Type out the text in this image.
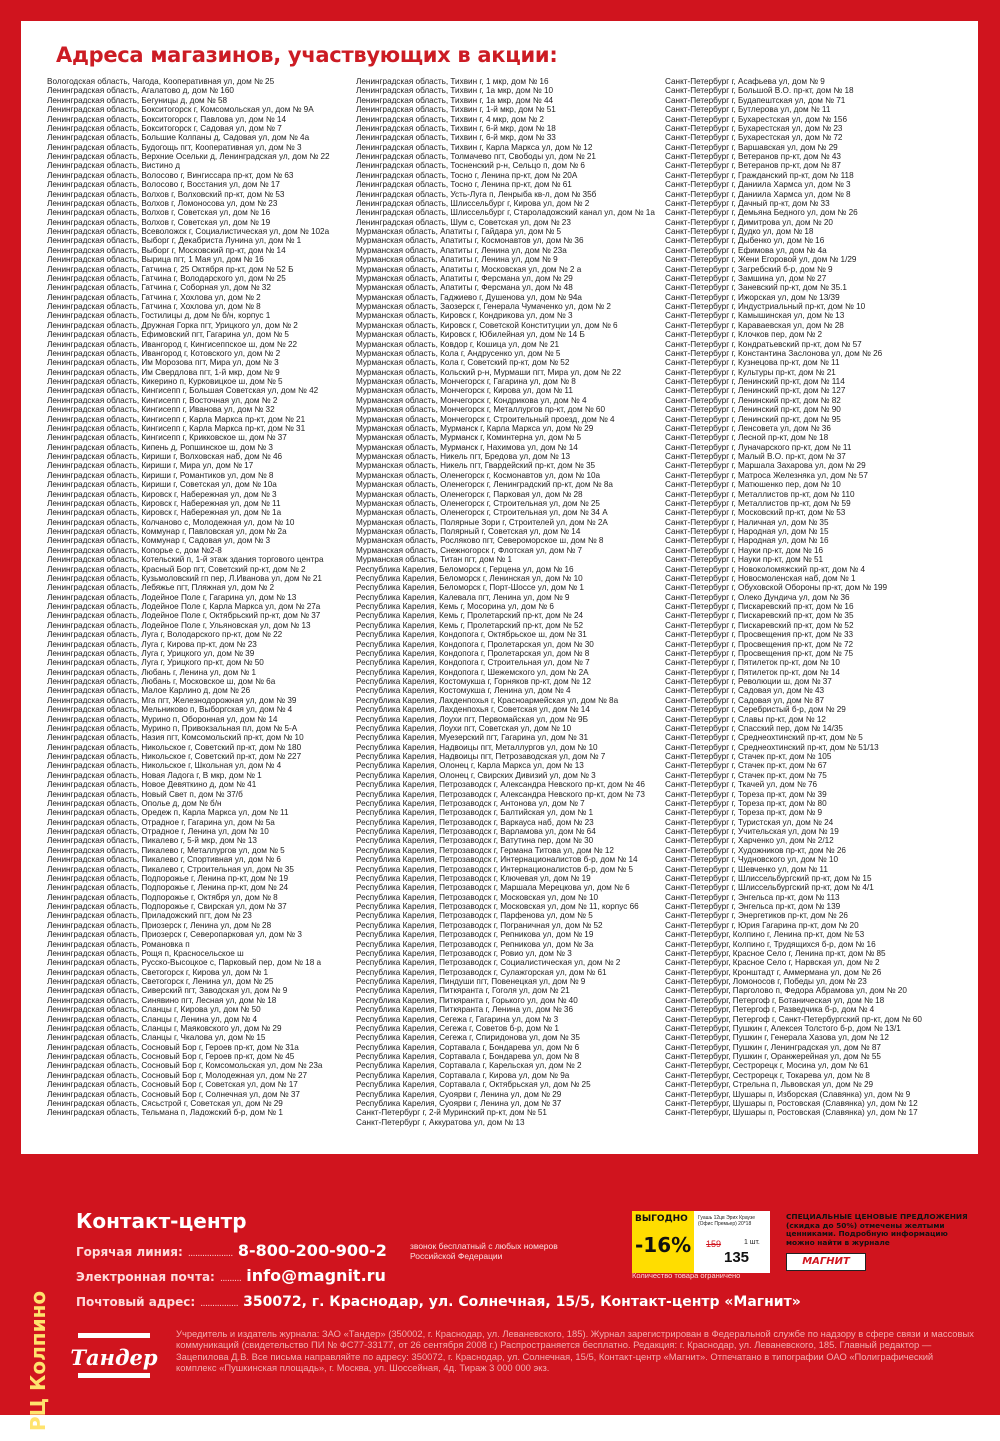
Адреса магазинов, участвующих в акции:
Вологодская область, Чагода, Кооперативная ул, дом № 25
Ленинградская область, Агалатово д, дом № 160
Ленинградская область, Бегуницы д, дом № 58
Ленинградская область, Бокситогорск г, Комсомольская ул, дом № 9А
Ленинградская область, Бокситогорск г, Павлова ул, дом № 14
Ленинградская область, Бокситогорск г, Садовая ул, дом № 7
Ленинградская область, Большие Колпаны д, Садовая ул, дом № 4а
Ленинградская область, Будогощь пгт, Кооперативная ул, дом № 3
Ленинградская область, Верхние Осельки д, Ленинградская ул, дом № 22
Ленинградская область, Вистино д
Ленинградская область, Волосово г, Вингиссара пр-кт, дом № 63
Ленинградская область, Волосово г, Восстания ул, дом № 17
Ленинградская область, Волхов г, Волховский пр-кт, дом № 53
Ленинградская область, Волхов г, Ломоносова ул, дом № 23
Ленинградская область, Волхов г, Советская ул, дом № 16
Ленинградская область, Волхов г, Советская ул, дом № 19
Ленинградская область, Всеволожск г, Социалистическая ул, дом № 102а
Ленинградская область, Выборг г, Декабриста Лунина ул, дом № 1
Ленинградская область, Выборг г, Московский пр-кт, дом № 14
Ленинградская область, Вырица пгт, 1 Мая ул, дом № 16
Ленинградская область, Гатчина г, 25 Октября пр-кт, дом № 52 Б
Ленинградская область, Гатчина г, Володарского ул, дом № 25
Ленинградская область, Гатчина г, Соборная ул, дом № 32
Ленинградская область, Гатчина г, Хохлова ул, дом № 2
Ленинградская область, Гатчина г, Хохлова ул, дом № 8
Ленинградская область, Гостилицы д, дом № б/н, корпус 1
Ленинградская область, Дружная Горка пгт, Урицкого ул, дом № 2
Ленинградская область, Ефимовский пгт, Гагарина ул, дом № 5
Ленинградская область, Ивангород г, Кингисеппское ш, дом № 22
Ленинградская область, Ивангород г, Котовского ул, дом № 2
Ленинградская область, Им Морозова пгт, Мира ул, дом № 3
Ленинградская область, Им Свердлова пгт, 1-й мкр, дом № 9
Ленинградская область, Кикерино п, Курковицкое ш, дом № 5
Ленинградская область, Кингисепп г, Большая Советская ул, дом № 42
Ленинградская область, Кингисепп г, Восточная ул, дом № 2
Ленинградская область, Кингисепп г, Иванова ул, дом № 32
Ленинградская область, Кингисепп г, Карла Маркса пр-кт, дом № 21
Ленинградская область, Кингисепп г, Карла Маркса пр-кт, дом № 31
Ленинградская область, Кингисепп г, Крикковское ш, дом № 37
Ленинградская область, Кипень д, Ропшинское ш, дом № 3
Ленинградская область, Кириши г, Волховская наб, дом № 46
Ленинградская область, Кириши г, Мира ул, дом № 17
Ленинградская область, Кириши г, Романтиков ул, дом № 8
Ленинградская область, Кириши г, Советская ул, дом № 10а
Ленинградская область, Кировск г, Набережная ул, дом № 3
Ленинградская область, Кировск г, Набережная ул, дом № 11
Ленинградская область, Кировск г, Набережная ул, дом № 1а
Ленинградская область, Колчаново с, Молодежная ул, дом № 10
Ленинградская область, Коммунар г, Павловская ул, дом № 2а
Ленинградская область, Коммунар г, Садовая ул, дом № 3
Ленинградская область, Копорье с, дом №2-8
Ленинградская область, Котельский п, 1-й этаж здания торгового центра
Ленинградская область, Красный Бор пгт, Советский пр-кт, дом № 2
Ленинградская область, Кузьмоловский гп пер, Л.Иванова ул, дом № 21
Ленинградская область, Лебяжье пгт, Пляжная ул, дом № 2
Ленинградская область, Лодейное Поле г, Гагарина ул, дом № 13
Ленинградская область, Лодейное Поле г, Карла Маркса ул, дом № 27а
Ленинградская область, Лодейное Поле г, Октябрьский пр-кт, дом № 37
Ленинградская область, Лодейное Поле г, Ульяновская ул, дом № 13
Ленинградская область, Луга г, Володарского пр-кт, дом № 22
Ленинградская область, Луга г, Кирова пр-кт, дом № 23
Ленинградская область, Луга г, Урицкого ул, дом № 39
Ленинградская область, Луга г, Урицкого пр-кт, дом № 50
Ленинградская область, Любань г, Ленина ул, дом № 1
Ленинградская область, Любань г, Московское ш, дом № 6а
Ленинградская область, Малое Карлино д, дом № 26
Ленинградская область, Мга пгт, Железнодорожная ул, дом № 39
Ленинградская область, Мельниково п, Выборгская ул, дом № 4
Ленинградская область, Мурино п, Оборонная ул, дом № 14
Ленинградская область, Мурино п, Привокзальная пл, дом № 5-А
Ленинградская область, Назия пгт, Комсомольский пр-кт, дом № 10
Ленинградская область, Никольское г, Советский пр-кт, дом № 180
Ленинградская область, Никольское г, Советский пр-кт, дом № 227
Ленинградская область, Никольское г, Школьная ул, дом № 4
Ленинградская область, Новая Ладога г, В мкр, дом № 1
Ленинградская область, Новое Девяткино д, дом № 41
Ленинградская область, Новый Свет п, дом № 37/б
Ленинградская область, Ополье д, дом № б/н
Ленинградская область, Оредеж п, Карла Маркса ул, дом № 11
Ленинградская область, Отрадное г, Гагарина ул, дом № 5а
Ленинградская область, Отрадное г, Ленина ул, дом № 10
Ленинградская область, Пикалево г, 5-й мкр, дом № 13
Ленинградская область, Пикалево г, Металлургов ул, дом № 5
Ленинградская область, Пикалево г, Спортивная ул, дом № 6
Ленинградская область, Пикалево г, Строительная ул, дом № 35
Ленинградская область, Подпорожье г, Ленина пр-кт, дом № 19
Ленинградская область, Подпорожье г, Ленина пр-кт, дом № 24
Ленинградская область, Подпорожье г, Октября ул, дом № 8
Ленинградская область, Подпорожье г, Свирская ул, дом № 37
Ленинградская область, Приладожский пгт, дом № 23
Ленинградская область, Приозерск г, Ленина ул, дом № 28
Ленинградская область, Приозерск г, Северопарковая ул, дом № 3
Ленинградская область, Романовка п
Ленинградская область, Рощя п, Красносельское ш
Ленинградская область, Русско-Высоцкое с, Парковый пер, дом № 18 а
Ленинградская область, Светогорск г, Кирова ул, дом № 1
Ленинградская область, Светогорск г, Ленина ул, дом № 25
Ленинградская область, Сиверский пгт, Заводская ул, дом № 9
Ленинградская область, Синявино пгт, Лесная ул, дом № 18
Ленинградская область, Сланцы г, Кирова ул, дом № 50
Ленинградская область, Сланцы г, Ленина ул, дом № 4
Ленинградская область, Сланцы г, Маяковского ул, дом № 29
Ленинградская область, Сланцы г, Чкалова ул, дом № 15
Ленинградская область, Сосновый Бор г, Героев пр-кт, дом № 31а
Ленинградская область, Сосновый Бор г, Героев пр-кт, дом № 45
Ленинградская область, Сосновый Бор г, Комсомольская ул, дом № 23а
Ленинградская область, Сосновый Бор г, Молодежная ул, дом № 27
Ленинградская область, Сосновый Бор г, Советская ул, дом № 17
Ленинградская область, Сосновый Бор г, Солнечная ул, дом № 37
Ленинградская область, Сясьстрой г, Советская ул, дом № 29
Ленинградская область, Тельмана п, Ладожский б-р, дом № 1
Ленинградская область, Тихвин г, 1 мкр, дом № 16
Ленинградская область, Тихвин г, 1а мкр, дом № 10
Ленинградская область, Тихвин г, 1а мкр, дом № 44
Ленинградская область, Тихвин г, 1-й мкр, дом № 51
Ленинградская область, Тихвин г, 4 мкр, дом № 2
Ленинградская область, Тихвин г, 6-й мкр, дом № 18
Ленинградская область, Тихвин г, 6-й мкр, дом № 33
Ленинградская область, Тихвин г, Карла Маркса ул, дом № 12
Ленинградская область, Толмачево пгт, Свободы ул, дом № 21
Ленинградская область, Тосненский р-н, Сельцо п, дом № 6
Ленинградская область, Тосно г, Ленина пр-кт, дом № 20А
Ленинградская область, Тосно г, Ленина пр-кт, дом № 61
Ленинградская область, Усть-Луга п, Ленрыба кв-л, дом № 35б
Ленинградская область, Шлиссельбург г, Кирова ул, дом № 2
Ленинградская область, Шлиссельбург г, Староладожский канал ул, дом № 1а
Ленинградская область, Шум с, Советская ул, дом № 23
Мурманская область, Апатиты г, Гайдара ул, дом № 5
Мурманская область, Апатиты г, Космонавтов ул, дом № 36
Мурманская область, Апатиты г, Ленина ул, дом № 23а
Мурманская область, Апатиты г, Ленина ул, дом № 9
Мурманская область, Апатиты г, Московская ул, дом № 2 а
Мурманская область, Апатиты г, Ферсмана ул, дом № 29
Мурманская область, Апатиты г, Ферсмана ул, дом № 48
Мурманская область, Гаджиево г, Душенова ул, дом № 94а
Мурманская область, Заозерск г, Генерала Чумаченко ул, дом № 2
Мурманская область, Кировск г, Кондрикова ул, дом № 3
Мурманская область, Кировск г, Советской Конституции ул, дом № 6
Мурманская область, Кировск г, Юбилейная ул, дом № 14 Б
Мурманская область, Ковдор г, Кошица ул, дом № 21
Мурманская область, Кола г, Андрусенко ул, дом № 5
Мурманская область, Кола г, Советский пр-кт, дом № 52
Мурманская область, Кольский р-н, Мурмаши пгт, Мира ул, дом № 22
Мурманская область, Мончегорск г, Гагарина ул, дом № 8
Мурманская область, Мончегорск г, Кирова ул, дом № 11
Мурманская область, Мончегорск г, Кондрикова ул, дом № 4
Мурманская область, Мончегорск г, Металлургов пр-кт, дом № 60
Мурманская область, Мончегорск г, Строительный проезд, дом № 4
Мурманская область, Мурманск г, Карла Маркса ул, дом № 29
Мурманская область, Мурманск г, Коминтерна ул, дом № 5
Мурманская область, Мурманск г, Нахимова ул, дом № 14
Мурманская область, Никель пгт, Бредова ул, дом № 13
Мурманская область, Никель пгт, Гвардейский пр-кт, дом № 35
Мурманская область, Оленегорск г, Космонавтов ул, дом № 10а
Мурманская область, Оленегорск г, Ленинградский пр-кт, дом № 8а
Мурманская область, Оленегорск г, Парковая ул, дом № 28
Мурманская область, Оленегорск г, Строительная ул, дом № 25
Мурманская область, Оленегорск г, Строительная ул, дом № 34 А
Мурманская область, Полярные Зори г, Строителей ул, дом № 2А
Мурманская область, Полярный г, Советская ул, дом № 14
Мурманская область, Росляково пгт, Североморское ш, дом № 8
Мурманская область, Снежногорск г, Флотская ул, дом № 7
Мурманская область, Титан пгт, дом № 1
Республика Карелия, Беломорск г, Герцена ул, дом № 16
Республика Карелия, Беломорск г, Ленинская ул, дом № 10
Республика Карелия, Беломорск г, Порт-Шоссе ул, дом № 1
Республика Карелия, Калевала пгт, Ленина ул, дом № 9
Республика Карелия, Кемь г, Мосорина ул, дом № 6
Республика Карелия, Кемь г, Пролетарский пр-кт, дом № 24
Республика Карелия, Кемь г, Пролетарский пр-кт, дом № 52
Республика Карелия, Кондопога г, Октябрьское ш, дом № 31
Республика Карелия, Кондопога г, Пролетарская ул, дом № 30
Республика Карелия, Кондопога г, Пролетарская ул, дом № 8
Республика Карелия, Кондопога г, Строительная ул, дом № 7
Республика Карелия, Кондопога г, Шежемского ул, дом № 2А
Республика Карелия, Костомукша г, Горняков пр-кт, дом № 12
Республика Карелия, Костомукша г, Ленина ул, дом № 4
Республика Карелия, Лахденпохья г, Красноармейская ул, дом № 8а
Республика Карелия, Лахденпохья г, Советская ул, дом № 14
Республика Карелия, Лоухи пгт, Первомайская ул, дом № 9Б
Республика Карелия, Лоухи пгт, Советская ул, дом № 10
Республика Карелия, Муезерский пгт, Гагарина ул, дом № 31
Республика Карелия, Надвоицы пгт, Металлургов ул, дом № 10
Республика Карелия, Надвоицы пгт, Петрозаводская ул, дом № 7
Республика Карелия, Олонец г, Карла Маркса ул, дом № 13
Республика Карелия, Олонец г, Свирских Дивизий ул, дом № 3
Республика Карелия, Петрозаводск г, Александра Невского пр-кт, дом № 46
Республика Карелия, Петрозаводск г, Александра Невского пр-кт, дом № 73
Республика Карелия, Петрозаводск г, Антонова ул, дом № 7
Республика Карелия, Петрозаводск г, Балтийская ул, дом № 1
Республика Карелия, Петрозаводск г, Варкауса наб, дом № 23
Республика Карелия, Петрозаводск г, Варламова ул, дом № 64
Республика Карелия, Петрозаводск г, Ватутина пер, дом № 30
Республика Карелия, Петрозаводск г, Германа Титова ул, дом № 12
Республика Карелия, Петрозаводск г, Интернационалистов б-р, дом № 14
Республика Карелия, Петрозаводск г, Интернационалистов б-р, дом № 5
Республика Карелия, Петрозаводск г, Ключевая ул, дом № 19
Республика Карелия, Петрозаводск г, Маршала Мерецкова ул, дом № 6
Республика Карелия, Петрозаводск г, Московская ул, дом № 10
Республика Карелия, Петрозаводск г, Московская ул, дом № 11, корпус 66
Республика Карелия, Петрозаводск г, Парфенова ул, дом № 5
Республика Карелия, Петрозаводск г, Пограничная ул, дом № 52
Республика Карелия, Петрозаводск г, Репникова ул, дом № 19
Республика Карелия, Петрозаводск г, Репникова ул, дом № 3а
Республика Карелия, Петрозаводск г, Ровио ул, дом № 3
Республика Карелия, Петрозаводск г, Социалистическая ул, дом № 2
Республика Карелия, Петрозаводск г, Сулажгорская ул, дом № 61
Республика Карелия, Пиндуши пгт, Повенецкая ул, дом № 9
Республика Карелия, Питкяранта г, Гоголя ул, дом № 21
Республика Карелия, Питкяранта г, Горького ул, дом № 40
Республика Карелия, Питкяранта г, Ленина ул, дом № 36
Республика Карелия, Сегежа г, Гагарина ул, дом № 3
Республика Карелия, Сегежа г, Советов б-р, дом № 1
Республика Карелия, Сегежа г, Спиридонова ул, дом № 35
Республика Карелия, Сортавала г, Бондарева ул, дом № 6
Республика Карелия, Сортавала г, Бондарева ул, дом № 8
Республика Карелия, Сортавала г, Карельская ул, дом № 2
Республика Карелия, Сортавала г, Кирова ул, дом № 9а
Республика Карелия, Сортавала г, Октябрьская ул, дом № 25
Республика Карелия, Суоярви г, Ленина ул, дом № 29
Республика Карелия, Суоярви г, Ленина ул, дом № 37
Санкт-Петербург г, 2-й Муринский пр-кт, дом № 51
Санкт-Петербург г, Аккуратова ул, дом № 13
Санкт-Петербург г, Асафьева ул, дом № 9
Санкт-Петербург г, Большой В.О. пр-кт, дом № 18
Санкт-Петербург г, Будапештская ул, дом № 71
Санкт-Петербург г, Бутлерова ул, дом № 11
Санкт-Петербург г, Бухарестская ул, дом № 156
Санкт-Петербург г, Бухарестская ул, дом № 23
Санкт-Петербург г, Бухарестская ул, дом № 72
Санкт-Петербург г, Варшавская ул, дом № 29
Санкт-Петербург г, Ветеранов пр-кт, дом № 43
Санкт-Петербург г, Ветеранов пр-кт, дом № 87
Санкт-Петербург г, Гражданский пр-кт, дом № 118
Санкт-Петербург г, Даниила Хармса ул, дом № 3
Санкт-Петербург г, Даниила Хармса ул, дом № 8
Санкт-Петербург г, Дачный пр-кт, дом № 33
Санкт-Петербург г, Демьяна Бедного ул, дом № 26
Санкт-Петербург г, Димитрова ул, дом № 20
Санкт-Петербург г, Дудко ул, дом № 18
Санкт-Петербург г, Дыбенко ул, дом № 16
Санкт-Петербург г, Ефимова ул, дом № 4а
Санкт-Петербург г, Жени Егоровой ул, дом № 1/29
Санкт-Петербург г, Загребский б-р, дом № 9
Санкт-Петербург г, Замшина ул, дом № 27
Санкт-Петербург г, Заневский пр-кт, дом № 35.1
Санкт-Петербург г, Ижорская ул, дом № 13/39
Санкт-Петербург г, Индустриальный пр-кт, дом № 10
Санкт-Петербург г, Камышинская ул, дом № 13
Санкт-Петербург г, Караваевская ул, дом № 28
Санкт-Петербург г, Клочков пер, дом № 2
Санкт-Петербург г, Кондратьевский пр-кт, дом № 57
Санкт-Петербург г, Константина Заслонова ул, дом № 26
Санкт-Петербург г, Кузнецова пр-кт, дом № 11
Санкт-Петербург г, Культуры пр-кт, дом № 21
Санкт-Петербург г, Ленинский пр-кт, дом № 114
Санкт-Петербург г, Ленинский пр-кт, дом № 127
Санкт-Петербург г, Ленинский пр-кт, дом № 82
Санкт-Петербург г, Ленинский пр-кт, дом № 90
Санкт-Петербург г, Ленинский пр-кт, дом № 95
Санкт-Петербург г, Ленсовета ул, дом № 36
Санкт-Петербург г, Лесной пр-кт, дом № 18
Санкт-Петербург г, Луначарского пр-кт, дом № 11
Санкт-Петербург г, Малый В.О. пр-кт, дом № 37
Санкт-Петербург г, Маршала Захарова ул, дом № 29
Санкт-Петербург г, Матроса Железняка ул, дом № 57
Санкт-Петербург г, Матюшенко пер, дом № 10
Санкт-Петербург г, Металлистов пр-кт, дом № 110
Санкт-Петербург г, Металлистов пр-кт, дом № 59
Санкт-Петербург г, Московский пр-кт, дом № 53
Санкт-Петербург г, Наличная ул, дом № 35
Санкт-Петербург г, Народная ул, дом № 15
Санкт-Петербург г, Народная ул, дом № 16
Санкт-Петербург г, Науки пр-кт, дом № 16
Санкт-Петербург г, Науки пр-кт, дом № 51
Санкт-Петербург г, Новоколомяжский пр-кт, дом № 4
Санкт-Петербург г, Новосмоленская наб, дом № 1
Санкт-Петербург г, Обуховской Обороны пр-кт, дом № 199
Санкт-Петербург г, Олеко Дундича ул, дом № 36
Санкт-Петербург г, Пискаревский пр-кт, дом № 16
Санкт-Петербург г, Пискаревский пр-кт, дом № 35
Санкт-Петербург г, Пискаревский пр-кт, дом № 52
Санкт-Петербург г, Просвещения пр-кт, дом № 33
Санкт-Петербург г, Просвещения пр-кт, дом № 72
Санкт-Петербург г, Просвещения пр-кт, дом № 75
Санкт-Петербург г, Пятилеток пр-кт, дом № 10
Санкт-Петербург г, Пятилеток пр-кт, дом № 14
Санкт-Петербург г, Революции ш, дом № 37
Санкт-Петербург г, Садовая ул, дом № 43
Санкт-Петербург г, Садовая ул, дом № 87
Санкт-Петербург г, Серебристый б-р, дом № 29
Санкт-Петербург г, Славы пр-кт, дом № 12
Санкт-Петербург г, Спасский пер, дом № 14/35
Санкт-Петербург г, Среднеохтинский пр-кт, дом № 5
Санкт-Петербург г, Среднеохтинский пр-кт, дом № 51/13
Санкт-Петербург г, Стачек пр-кт, дом № 105
Санкт-Петербург г, Стачек пр-кт, дом № 67
Санкт-Петербург г, Стачек пр-кт, дом № 75
Санкт-Петербург г, Ткачей ул, дом № 76
Санкт-Петербург г, Тореза пр-кт, дом № 39
Санкт-Петербург г, Тореза пр-кт, дом № 80
Санкт-Петербург г, Тореза пр-кт, дом № 9
Санкт-Петербург г, Туристская ул, дом № 24
Санкт-Петербург г, Учительская ул, дом № 19
Санкт-Петербург г, Харченко ул, дом № 2/12
Санкт-Петербург г, Художников пр-кт, дом № 26
Санкт-Петербург г, Чудновского ул, дом № 10
Санкт-Петербург г, Шевченко ул, дом № 11
Санкт-Петербург г, Шлиссельбургский пр-кт, дом № 15
Санкт-Петербург г, Шлиссельбургский пр-кт, дом № 4/1
Санкт-Петербург г, Энгельса пр-кт, дом № 113
Санкт-Петербург г, Энгельса пр-кт, дом № 139
Санкт-Петербург г, Энергетиков пр-кт, дом № 26
Санкт-Петербург г, Юрия Гагарина пр-кт, дом № 20
Санкт-Петербург, Колпино г, Ленина пр-кт, дом № 53
Санкт-Петербург, Колпино г, Трудящихся б-р, дом № 16
Санкт-Петербург, Красное Село г, Ленина пр-кт, дом № 85
Санкт-Петербург, Красное Село г, Нарвская ул, дом № 2
Санкт-Петербург, Кронштадт г, Аммермана ул, дом № 26
Санкт-Петербург, Ломоносов г, Победы ул, дом № 23
Санкт-Петербург, Парголово п, Федора Абрамова ул, дом № 20
Санкт-Петербург, Петергоф г, Ботаническая ул, дом № 18
Санкт-Петербург, Петергоф г, Разведчика б-р, дом № 4
Санкт-Петербург, Петергоф г, Санкт-Петербургский пр-кт, дом № 60
Санкт-Петербург, Пушкин г, Алексея Толстого б-р, дом № 13/1
Санкт-Петербург, Пушкин г, Генерала Хазова ул, дом № 12
Санкт-Петербург, Пушкин г, Ленинградская ул, дом № 87
Санкт-Петербург, Пушкин г, Оранжерейная ул, дом № 55
Санкт-Петербург, Сестрорецк г, Мосина ул, дом № 61
Санкт-Петербург, Сестрорецк г, Токарева ул, дом № 8
Санкт-Петербург, Стрельна п, Львовская ул, дом № 29
Санкт-Петербург, Шушары п, Изборская (Славянка) ул, дом № 9
Санкт-Петербург, Шушары п, Ростовская (Славянка) ул, дом № 12
Санкт-Петербург, Шушары п, Ростовская (Славянка) ул, дом № 17
РЦ Колпино
Контакт-центр
Горячая линия: ................... 8-800-200-900-2	звонок бесплатный с любых номеров Российской Федерации
Электронная почта: ......... info@magnit.ru
Почтовый адрес: ................ 350072, г. Краснодар, ул. Солнечная, 15/5, Контакт-центр «Магнит»
ВЫГОДНО
-16%
Гуашь 12цв Эрих Краузе (Офис Премьер) 20*18
159	1 шт.
135
Количество товара ограничено
СПЕЦИАЛЬНЫЕ ЦЕНОВЫЕ ПРЕДЛОЖЕНИЯ (скидка до 50%) отмечены желтыми ценниками. Подробную информацию можно найти в журнале
МАГНИТ
Тандер
Учредитель и издатель журнала: ЗАО «Тандер» (350002, г. Краснодар, ул. Леваневского, 185). Журнал зарегистрирован в Федеральной службе по надзору в сфере связи и массовых коммуникаций (свидетельство ПИ № ФС77-33177, от 26 сентября 2008 г.) Распространяется бесплатно. Редакция: г. Краснодар, ул. Леваневского, 185. Главный редактор — Зацепилова Д.В. Все письма направляйте по адресу: 350072, г. Краснодар, ул. Солнечная, 15/5, Контакт-центр «Магнит». Отпечатано в типографии ОАО «Полиграфический комплекс «Пушкинская площадь», г. Москва, ул. Шоссейная, 4д. Тираж 3 000 000 экз.
